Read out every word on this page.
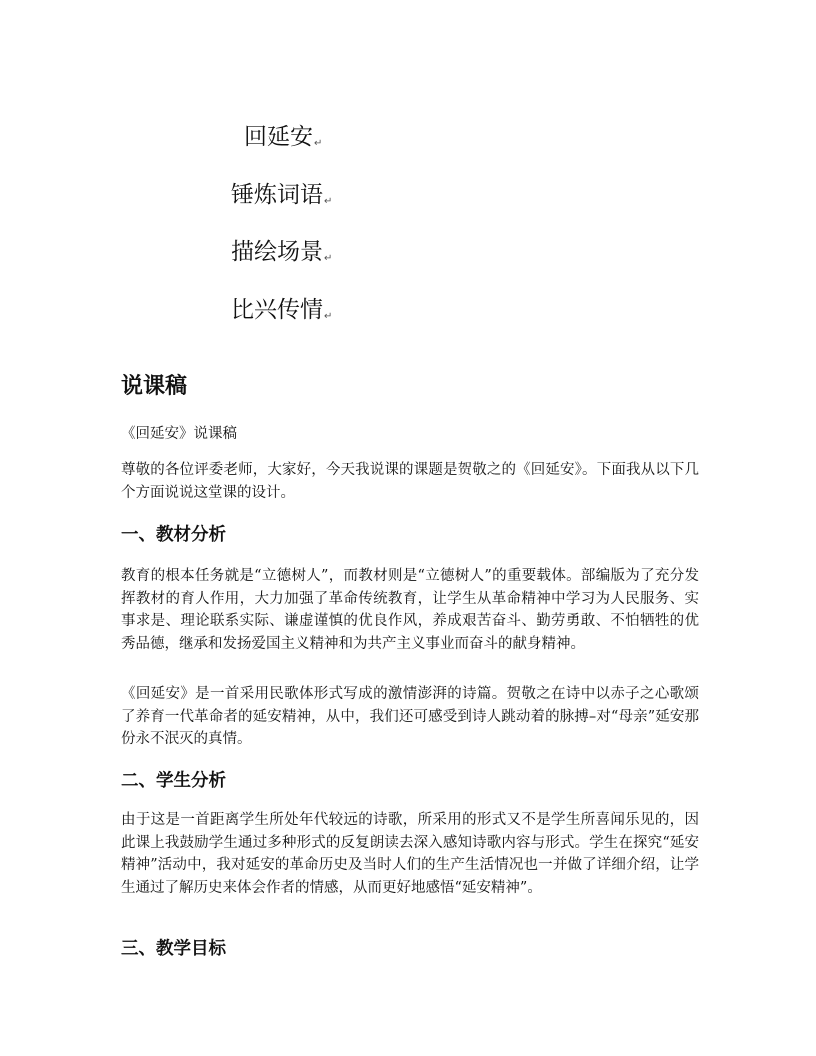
回延安↵
锤炼词语↵
描绘场景↵
比兴传情↵
说课稿

《回延安》说课稿

尊敬的各位评委老师，大家好，今天我说课的课题是贺敬之的《回延安》。下面我从以下几个方面说说这堂课的设计。

一、教材分析

教育的根本任务就是“立德树人”，而教材则是“立德树人”的重要载体。部编版为了充分发挥教材的育人作用，大力加强了革命传统教育，让学生从革命精神中学习为人民服务、实事求是、理论联系实际、谦虚谨慎的优良作风，养成艰苦奋斗、勤劳勇敢、不怕牺牲的优秀品德，继承和发扬爱国主义精神和为共产主义事业而奋斗的献身精神。

《回延安》是一首采用民歌体形式写成的激情澎湃的诗篇。贺敬之在诗中以赤子之心歌颂了养育一代革命者的延安精神，从中，我们还可感受到诗人跳动着的脉搏–对“母亲”延安那份永不泯灭的真情。

二、学生分析

由于这是一首距离学生所处年代较远的诗歌，所采用的形式又不是学生所喜闻乐见的，因此课上我鼓励学生通过多种形式的反复朗读去深入感知诗歌内容与形式。学生在探究“延安精神”活动中，我对延安的革命历史及当时人们的生产生活情况也一并做了详细介绍，让学生通过了解历史来体会作者的情感，从而更好地感悟“延安精神”。

三、教学目标
